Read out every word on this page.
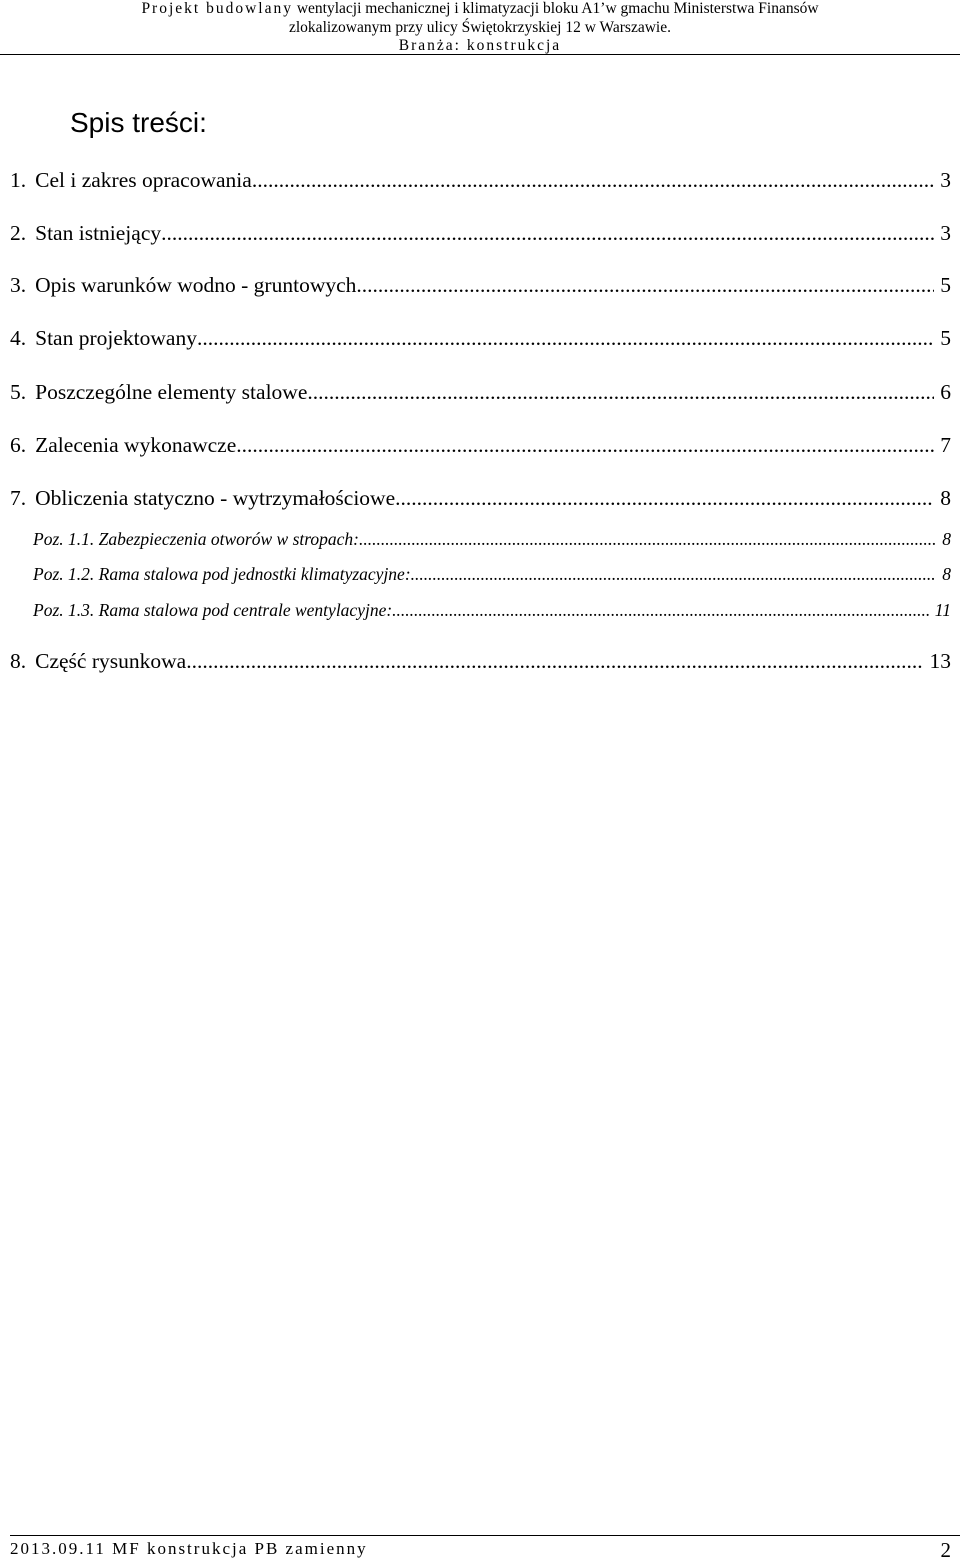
Projekt budowlany wentylacji mechanicznej i klimatyzacji bloku A1’w gmachu Ministerstwa Finansów
zlokalizowanym przy ulicy Świętokrzyskiej 12 w Warszawie.
Branża: konstrukcja
Spis treści:
1. Cel i zakres opracowania .....	3
2. Stan istniejący .....	3
3. Opis warunków wodno - gruntowych .....	5
4. Stan projektowany .....	5
5. Poszczególne elementy stalowe .....	6
6. Zalecenia wykonawcze .....	7
7. Obliczenia statyczno - wytrzymałościowe .....	8
Poz. 1.1. Zabezpieczenia otworów w stropach: .....	8
Poz. 1.2. Rama stalowa pod jednostki klimatyzacyjne: .....	8
Poz. 1.3. Rama stalowa pod centrale wentylacyjne: .....	11
8. Część rysunkowa .....	13
2013.09.11 MF konstrukcja PB zamienny	2
